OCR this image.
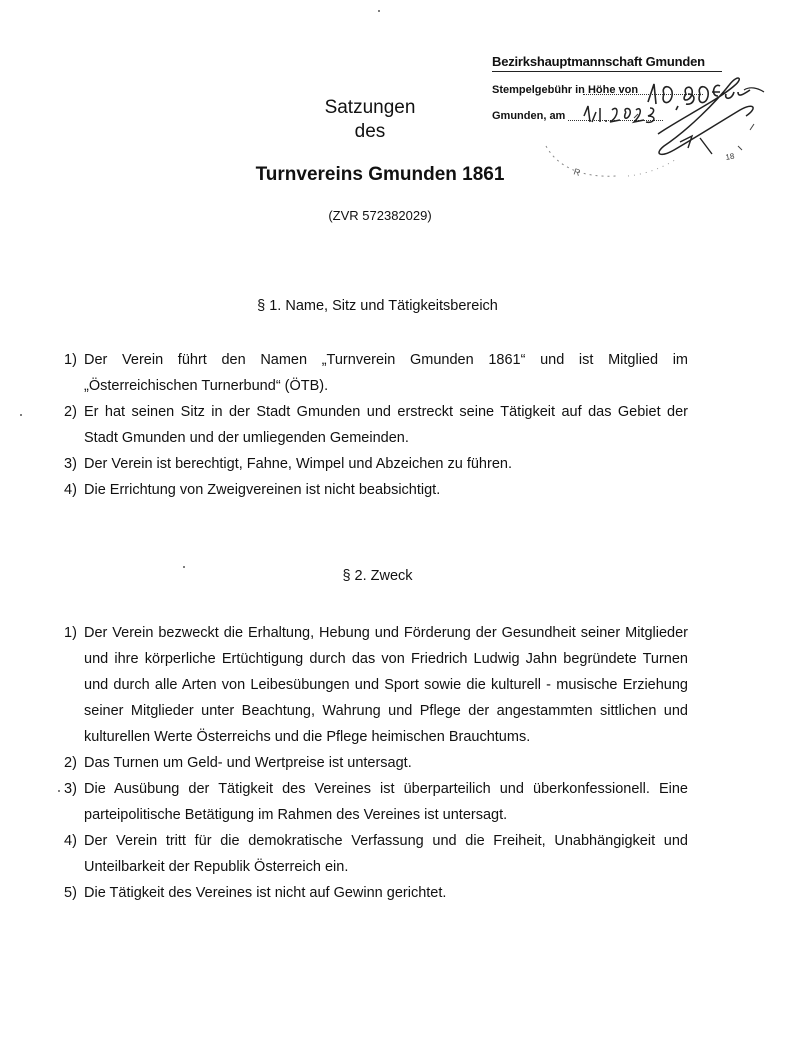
Bezirkshauptmannschaft Gmunden
Stempelgebühr in Höhe von
Gmunden, am
R
18
Satzungen
des
Turnvereins Gmunden 1861
(ZVR 572382029)
§ 1. Name, Sitz und Tätigkeitsbereich
1) Der Verein führt den Namen „Turnverein Gmunden 1861“ und ist Mitglied im „Österreichischen Turnerbund“ (ÖTB).
2) Er hat seinen Sitz in der Stadt Gmunden und erstreckt seine Tätigkeit auf das Gebiet der Stadt Gmunden und der umliegenden Gemeinden.
3) Der Verein ist berechtigt, Fahne, Wimpel und Abzeichen zu führen.
4) Die Errichtung von Zweigvereinen ist nicht beabsichtigt.
§ 2. Zweck
1) Der Verein bezweckt die Erhaltung, Hebung und Förderung der Gesundheit seiner Mitglieder und ihre körperliche Ertüchtigung durch das von Friedrich Ludwig Jahn begründete Turnen und durch alle Arten von Leibesübungen und Sport sowie die kulturell - musische Erziehung seiner Mitglieder unter Beachtung, Wahrung und Pflege der angestammten sittlichen und kulturellen Werte Österreichs und die Pflege heimischen Brauchtums.
2) Das Turnen um Geld- und Wertpreise ist untersagt.
3) Die Ausübung der Tätigkeit des Vereines ist überparteilich und überkonfessionell. Eine parteipolitische Betätigung im Rahmen des Vereines ist untersagt.
4) Der Verein tritt für die demokratische Verfassung und die Freiheit, Unabhängigkeit und Unteilbarkeit der Republik Österreich ein.
5) Die Tätigkeit des Vereines ist nicht auf Gewinn gerichtet.
